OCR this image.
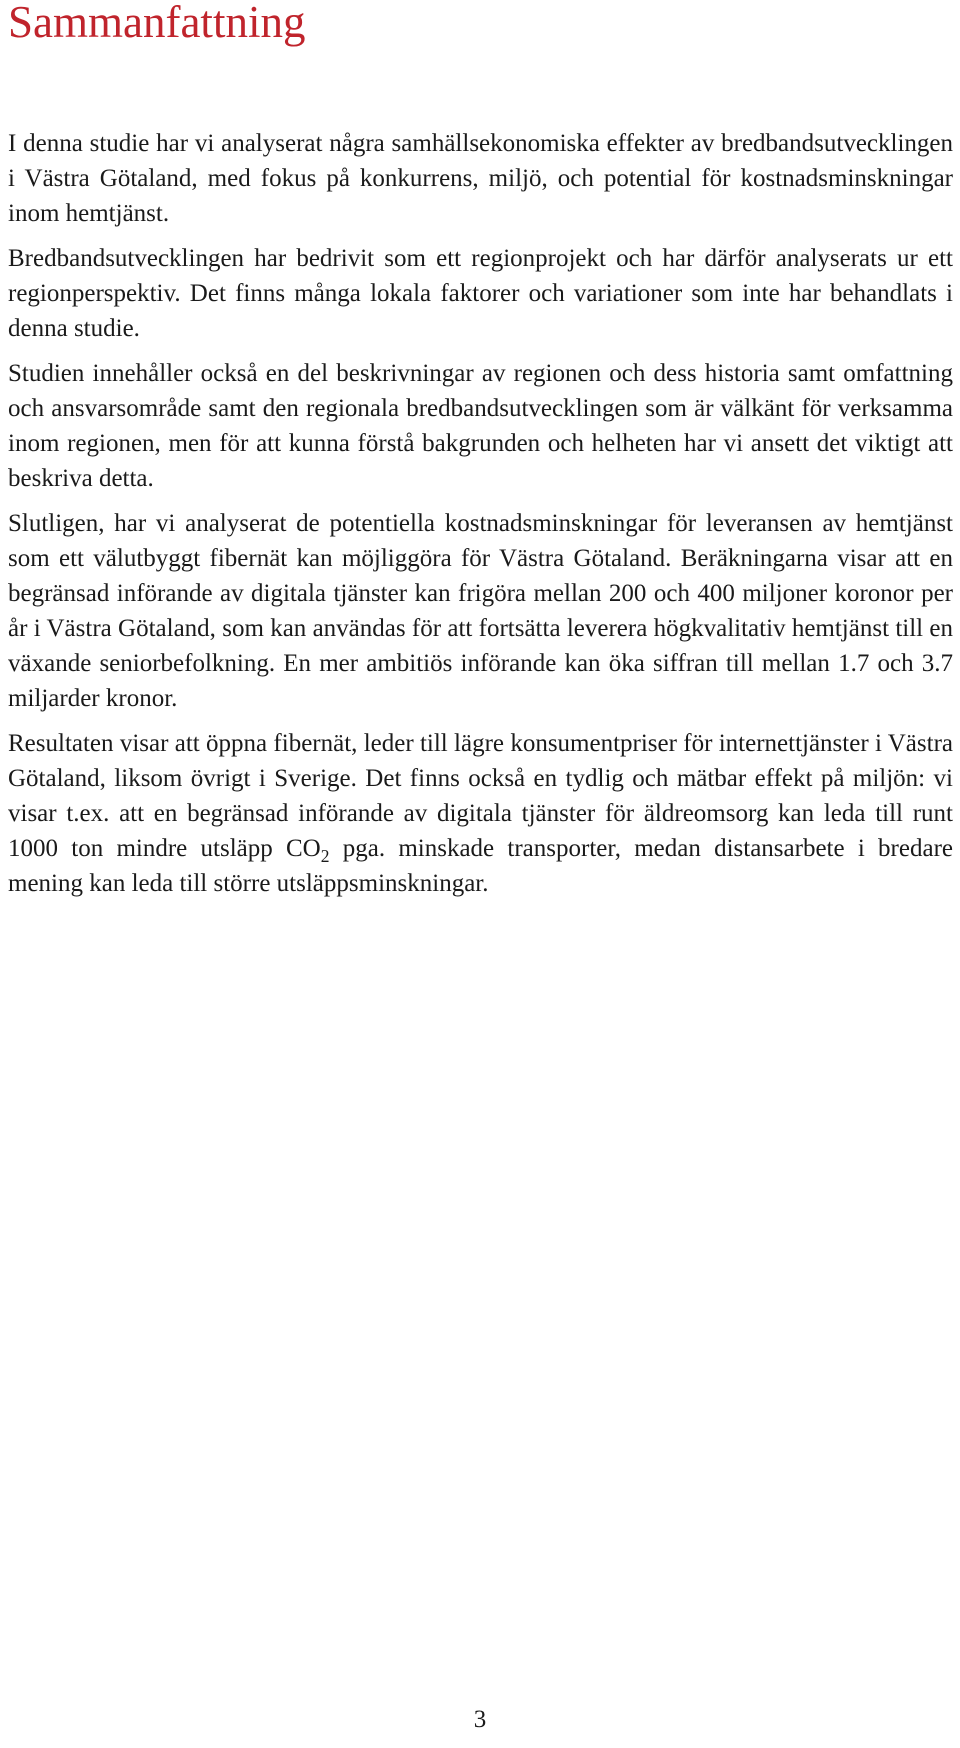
Sammanfattning

I denna studie har vi analyserat några samhällsekonomiska effekter av bredbandsutvecklingen i Västra Götaland, med fokus på konkurrens, miljö, och potential för kostnadsminskningar inom hemtjänst.

Bredbandsutvecklingen har bedrivit som ett regionprojekt och har därför analyserats ur ett regionperspektiv. Det finns många lokala faktorer och variationer som inte har behandlats i denna studie.

Studien innehåller också en del beskrivningar av regionen och dess historia samt omfattning och ansvarsområde samt den regionala bredbandsutvecklingen som är välkänt för verksamma inom regionen, men för att kunna förstå bakgrunden och helheten har vi ansett det viktigt att beskriva detta.

Slutligen, har vi analyserat de potentiella kostnadsminskningar för leveransen av hemtjänst som ett välutbyggt fibernät kan möjliggöra för Västra Götaland. Beräkningarna visar att en begränsad införande av digitala tjänster kan frigöra mellan 200 och 400 miljoner koronor per år i Västra Götaland, som kan användas för att fortsätta leverera högkvalitativ hemtjänst till en växande seniorbefolkning. En mer ambitiös införande kan öka siffran till mellan 1.7 och 3.7 miljarder kronor.

Resultaten visar att öppna fibernät, leder till lägre konsumentpriser för internettjänster i Västra Götaland, liksom övrigt i Sverige. Det finns också en tydlig och mätbar effekt på miljön: vi visar t.ex. att en begränsad införande av digitala tjänster för äldreomsorg kan leda till runt 1000 ton mindre utsläpp $CO_2$ pga. minskade transporter, medan distansarbete i bredare mening kan leda till större utsläppsminskningar.

3
